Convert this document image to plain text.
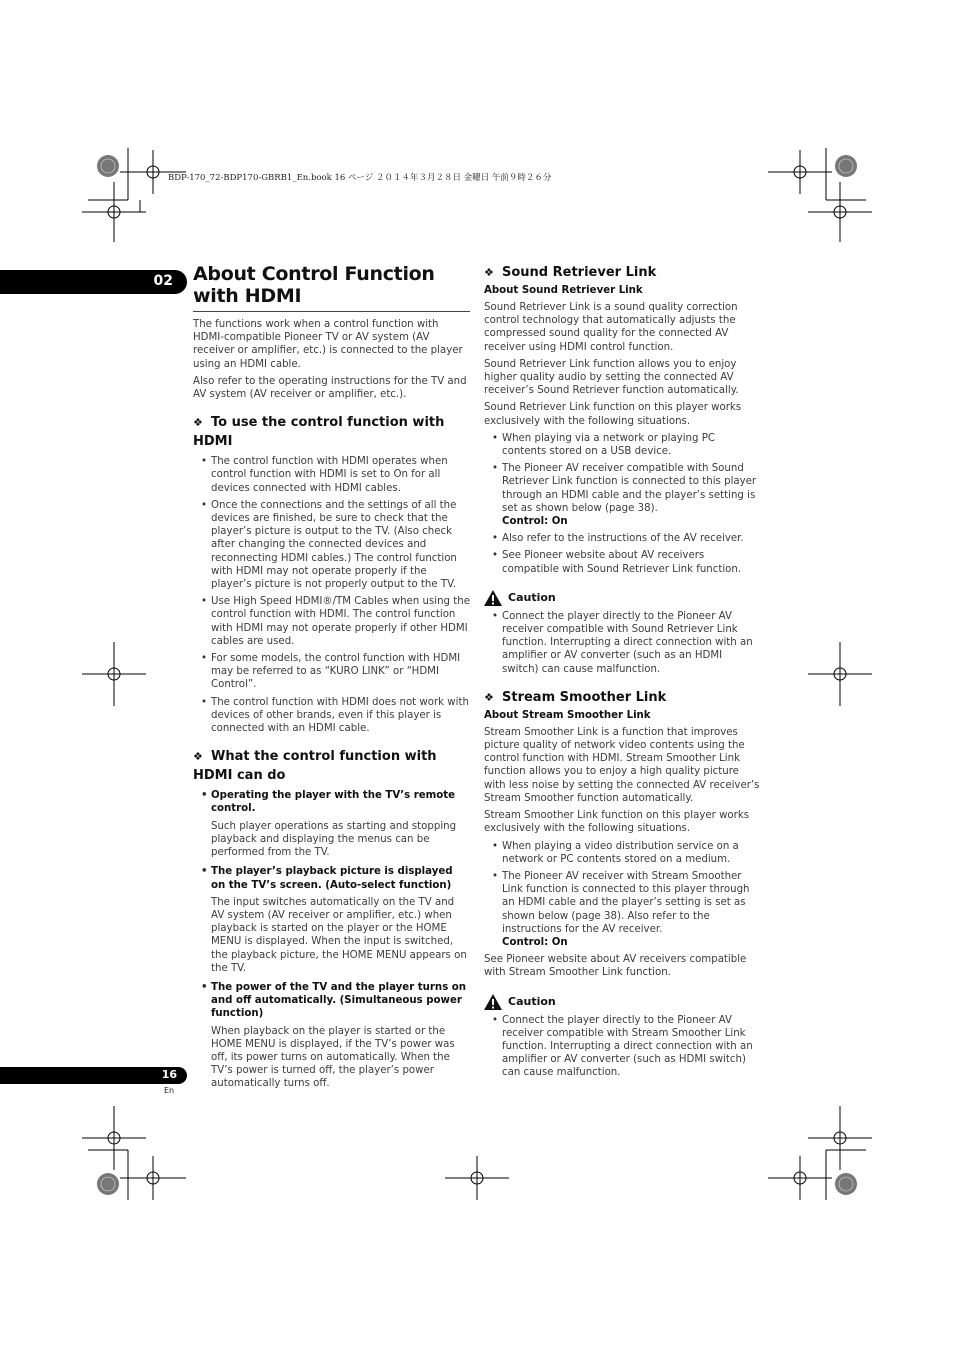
BDP-170_72-BDP170-GBRB1_En.book 16 ページ ２０１４年３月２８日 金曜日 午前９時２６分
02
16
En
About Control Function with HDMI

The functions work when a control function with HDMI-compatible Pioneer TV or AV system (AV receiver or amplifier, etc.) is connected to the player using an HDMI cable.

Also refer to the operating instructions for the TV and AV system (AV receiver or amplifier, etc.).

❖ To use the control function with HDMI
• The control function with HDMI operates when control function with HDMI is set to On for all devices connected with HDMI cables.
• Once the connections and the settings of all the devices are finished, be sure to check that the player’s picture is output to the TV. (Also check after changing the connected devices and reconnecting HDMI cables.) The control function with HDMI may not operate properly if the player’s picture is not properly output to the TV.
• Use High Speed HDMI®/TM Cables when using the control function with HDMI. The control function with HDMI may not operate properly if other HDMI cables are used.
• For some models, the control function with HDMI may be referred to as “KURO LINK” or “HDMI Control”.
• The control function with HDMI does not work with devices of other brands, even if this player is connected with an HDMI cable.
❖ What the control function with HDMI can do
• Operating the player with the TV’s remote control.

Such player operations as starting and stopping playback and displaying the menus can be performed from the TV.

• The player’s playback picture is displayed on the TV’s screen. (Auto-select function)

The input switches automatically on the TV and AV system (AV receiver or amplifier, etc.) when playback is started on the player or the HOME MENU is displayed. When the input is switched, the playback picture, the HOME MENU appears on the TV.

• The power of the TV and the player turns on and off automatically. (Simultaneous power function)

When playback on the player is started or the HOME MENU is displayed, if the TV’s power was off, its power turns on automatically. When the TV’s power is turned off, the player’s power automatically turns off.

❖ Sound Retriever Link
About Sound Retriever Link

Sound Retriever Link is a sound quality correction control technology that automatically adjusts the compressed sound quality for the connected AV receiver using HDMI control function.

Sound Retriever Link function allows you to enjoy higher quality audio by setting the connected AV receiver’s Sound Retriever function automatically.

Sound Retriever Link function on this player works exclusively with the following situations.

• When playing via a network or playing PC contents stored on a USB device.
• The Pioneer AV receiver compatible with Sound Retriever Link function is connected to this player through an HDMI cable and the player’s setting is set as shown below (page 38).
Control: On
• Also refer to the instructions of the AV receiver.
• See Pioneer website about AV receivers compatible with Sound Retriever Link function.
Caution
• Connect the player directly to the Pioneer AV receiver compatible with Sound Retriever Link function. Interrupting a direct connection with an amplifier or AV converter (such as an HDMI switch) can cause malfunction.
❖ Stream Smoother Link
About Stream Smoother Link

Stream Smoother Link is a function that improves picture quality of network video contents using the control function with HDMI. Stream Smoother Link function allows you to enjoy a high quality picture with less noise by setting the connected AV receiver’s Stream Smoother function automatically.

Stream Smoother Link function on this player works exclusively with the following situations.

• When playing a video distribution service on a network or PC contents stored on a medium.
• The Pioneer AV receiver with Stream Smoother Link function is connected to this player through an HDMI cable and the player’s setting is set as shown below (page 38). Also refer to the instructions for the AV receiver.
Control: On

See Pioneer website about AV receivers compatible with Stream Smoother Link function.

Caution
• Connect the player directly to the Pioneer AV receiver compatible with Stream Smoother Link function. Interrupting a direct connection with an amplifier or AV converter (such as HDMI switch) can cause malfunction.
